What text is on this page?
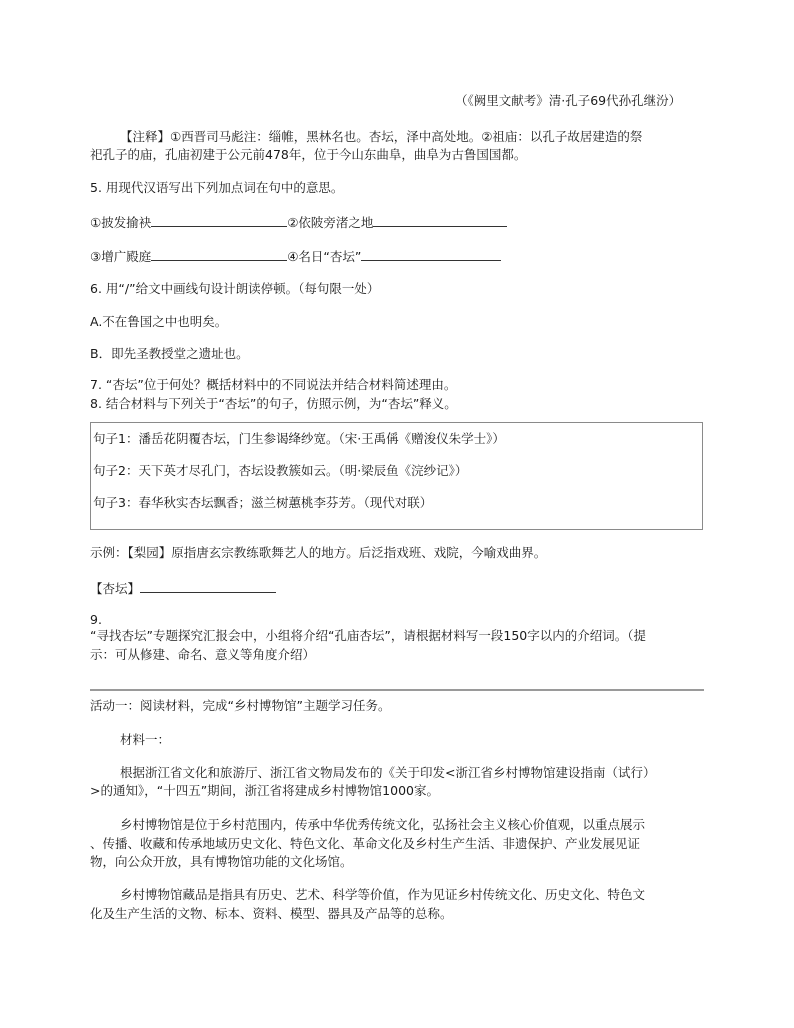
（《阙里文献考》清·孔子69代孙孔继汾）
【注释】①西晋司马彪注：缁帷，黑林名也。杏坛，泽中高处地。②祖庙：以孔子故居建造的祭
祀孔子的庙，孔庙初建于公元前478年，位于今山东曲阜，曲阜为古鲁国国都。
5. 用现代汉语写出下列加点词在句中的意思。
①披发揄袂	②依陂旁渚之地
③增广殿庭	④名日“杏坛”
6. 用“/”给文中画线句设计朗读停顿。（每句限一处）
A.不在鲁国之中也明矣。
B．即先圣教授堂之遗址也。
7. “杏坛”位于何处？概括材料中的不同说法并结合材料简述理由。
8. 结合材料与下列关于“杏坛”的句子，仿照示例，为“杏坛”释义。
句子1：潘岳花阴覆杏坛，门生参谒绛纱宽。（宋·王禹偁《赠浚仪朱学士》）
句子2：天下英才尽孔门，杏坛设教簇如云。（明·梁辰鱼《浣纱记》）
句子3：春华秋实杏坛飘香；滋兰树蕙桃李芬芳。（现代对联）
示例：【梨园】原指唐玄宗教练歌舞艺人的地方。后泛指戏班、戏院，今喻戏曲界。
【杏坛】
9.
“寻找杏坛”专题探究汇报会中，小组将介绍“孔庙杏坛”，请根据材料写一段150字以内的介绍词。（提
示：可从修建、命名、意义等角度介绍）
活动一：阅读材料，完成“乡村博物馆”主题学习任务。
材料一：
根据浙江省文化和旅游厅、浙江省文物局发布的《关于印发<浙江省乡村博物馆建设指南（试行）
>的通知》，“十四五”期间，浙江省将建成乡村博物馆1000家。
乡村博物馆是位于乡村范围内，传承中华优秀传统文化，弘扬社会主义核心价值观，以重点展示
、传播、收藏和传承地域历史文化、特色文化、革命文化及乡村生产生活、非遗保护、产业发展见证
物，向公众开放，具有博物馆功能的文化场馆。
乡村博物馆藏品是指具有历史、艺术、科学等价值，作为见证乡村传统文化、历史文化、特色文
化及生产生活的文物、标本、资料、模型、器具及产品等的总称。
